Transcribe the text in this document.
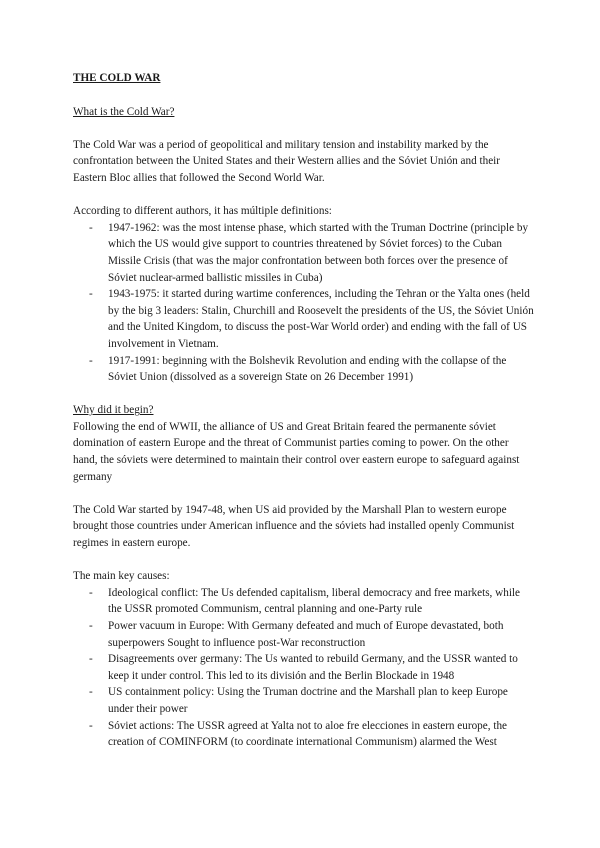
THE COLD WAR

What is the Cold War?

The Cold War was a period of geopolitical and military tension and instability marked by the confrontation between the United States and their Western allies and the Sóviet Unión and their Eastern Bloc allies that followed the Second World War.

According to different authors, it has múltiple definitions:

- 1947-1962: was the most intense phase, which started with the Truman Doctrine (principle by which the US would give support to countries threatened by Sóviet forces) to the Cuban Missile Crisis (that was the major confrontation between both forces over the presence of Sóviet nuclear-armed ballistic missiles in Cuba)
- 1943-1975: it started during wartime conferences, including the Tehran or the Yalta ones (held by the big 3 leaders: Stalin, Churchill and Roosevelt the presidents of the US, the Sóviet Unión and the United Kingdom, to discuss the post-War World order) and ending with the fall of US involvement in Vietnam.
- 1917-1991: beginning with the Bolshevik Revolution and ending with the collapse of the Sóviet Union (dissolved as a sovereign State on 26 December 1991)

Why did it begin?

Following the end of WWII, the alliance of US and Great Britain feared the permanente sóviet domination of eastern Europe and the threat of Communist parties coming to power. On the other hand, the sóviets were determined to maintain their control over eastern europe to safeguard against germany

The Cold War started by 1947-48, when US aid provided by the Marshall Plan to western europe brought those countries under American influence and the sóviets had installed openly Communist regimes in eastern europe.

The main key causes:

- Ideological conflict: The Us defended capitalism, liberal democracy and free markets, while the USSR promoted Communism, central planning and one-Party rule
- Power vacuum in Europe: With Germany defeated and much of Europe devastated, both superpowers Sought to influence post-War reconstruction
- Disagreements over germany: The Us wanted to rebuild Germany, and the USSR wanted to keep it under control. This led to its división and the Berlin Blockade in 1948
- US containment policy: Using the Truman doctrine and the Marshall plan to keep Europe under their power
- Sóviet actions: The USSR agreed at Yalta not to aloe fre elecciones in eastern europe, the creation of COMINFORM (to coordinate international Communism) alarmed the West
